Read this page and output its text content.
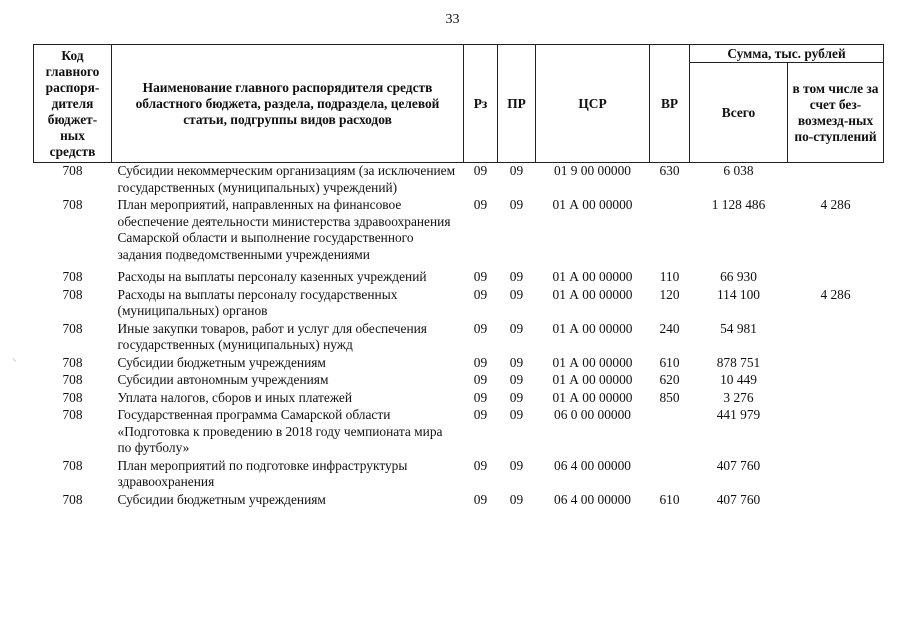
33
Код главного распоря-дителя бюджет-ных средств	Наименование главного распорядителя средств областного бюджета, раздела, подраздела, целевой статьи, подгруппы видов расходов	Рз	ПР	ЦСР	ВР	Сумма, тыс. рублей	
						Всего	в том числе за счет без-возмезд-ных по-ступлений
708	Субсидии некоммерческим организациям (за исключением государственных (муниципальных) учреждений)	09	09	01 9 00 00000	630	6 038	
708	План мероприятий, направленных на финансовое обеспечение деятельности министерства здравоохранения Самарской области и выполнение государственного задания подведомственными учреждениями	09	09	01 А 00 00000		1 128 486	4 286
708	Расходы на выплаты персоналу казенных учреждений	09	09	01 А 00 00000	110	66 930	
708	Расходы на выплаты персоналу государственных (муниципальных) органов	09	09	01 А 00 00000	120	114 100	4 286
708	Иные закупки товаров, работ и услуг для обеспечения государственных (муниципальных) нужд	09	09	01 А 00 00000	240	54 981	
708	Субсидии бюджетным учреждениям	09	09	01 А 00 00000	610	878 751	
708	Субсидии автономным учреждениям	09	09	01 А 00 00000	620	10 449	
708	Уплата налогов, сборов и иных платежей	09	09	01 А 00 00000	850	3 276	
708	Государственная программа Самарской области «Подготовка к проведению в 2018 году чемпионата мира по футболу»	09	09	06 0 00 00000		441 979	
708	План мероприятий по подготовке инфраструктуры здравоохранения	09	09	06 4 00 00000		407 760	
708	Субсидии бюджетным учреждениям	09	09	06 4 00 00000	610	407 760	
⸜
